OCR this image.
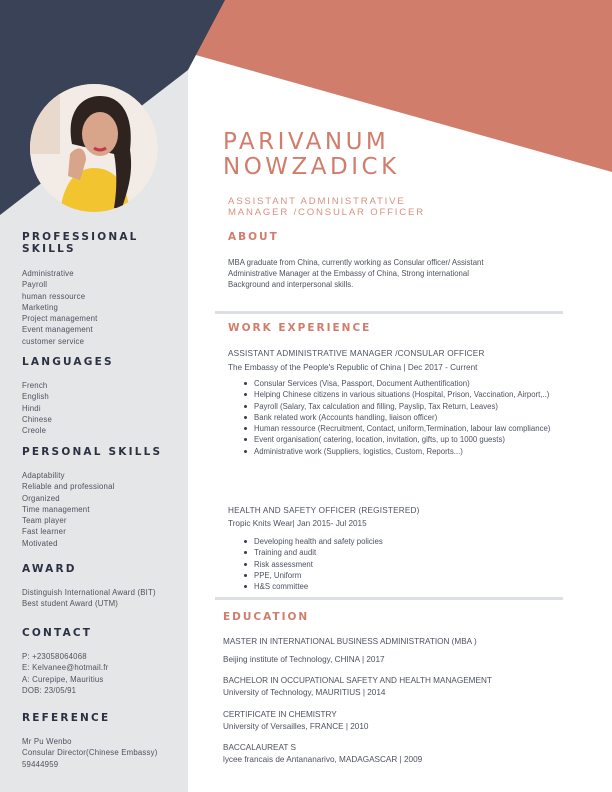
PROFESSIONAL
SKILLS
Administrative
Payroll
human ressource
Marketing
Project management
Event management
customer service
LANGUAGES
French
English
Hindi
Chinese
Creole
PERSONAL SKILLS
Adaptability
Reliable and professional
Organized
Time management
Team player
Fast learner
Motivated
AWARD
Distinguish International Award (BIT)
Best student Award (UTM)
CONTACT
P: +23058064068
E: Kelvanee@hotmail.fr
A: Curepipe, Mauritius
DOB: 23/05/91
REFERENCE
Mr Pu Wenbo
Consular Director(Chinese Embassy)
59444959
PARIVANUM
NOWZADICK
ASSISTANT ADMINISTRATIVE
MANAGER /CONSULAR OFFICER
ABOUT
MBA graduate from China, currently working as Consular officer/ Assistant
Administrative Manager at the Embassy of China, Strong international
Background and interpersonal skills.
WORK EXPERIENCE
ASSISTANT ADMINISTRATIVE MANAGER /CONSULAR OFFICER
The Embassy of the People's Republic of China | Dec 2017 - Current
Consular Services (Visa, Passport, Document Authentification)
Helping Chinese citizens in various situations (Hospital, Prison, Vaccination, Airport,..)
Payroll (Salary, Tax calculation and filling, Payslip, Tax Return, Leaves)
Bank related work (Accounts handling, liaison officer)
Human ressource (Recruitment, Contact, uniform,Termination, labour law compliance)
Event organisation( catering, location, invitation, gifts, up to 1000 guests)
Administrative work (Suppliers, logistics, Custom, Reports...)
HEALTH AND SAFETY OFFICER (REGISTERED)
Tropic Knits Wear| Jan 2015- Jul 2015
Developing health and safety policies
Training and audit
Risk assessment
PPE, Uniform
H&S committee
EDUCATION
MASTER IN INTERNATIONAL BUSINESS ADMINISTRATION (MBA )
Beijing institute of Technology, CHINA | 2017
BACHELOR IN OCCUPATIONAL SAFETY AND HEALTH MANAGEMENT
University of Technology, MAURITIUS | 2014
CERTIFICATE IN CHEMISTRY
University of Versailles, FRANCE | 2010
BACCALAUREAT S
lycee francais de Antananarivo, MADAGASCAR | 2009
